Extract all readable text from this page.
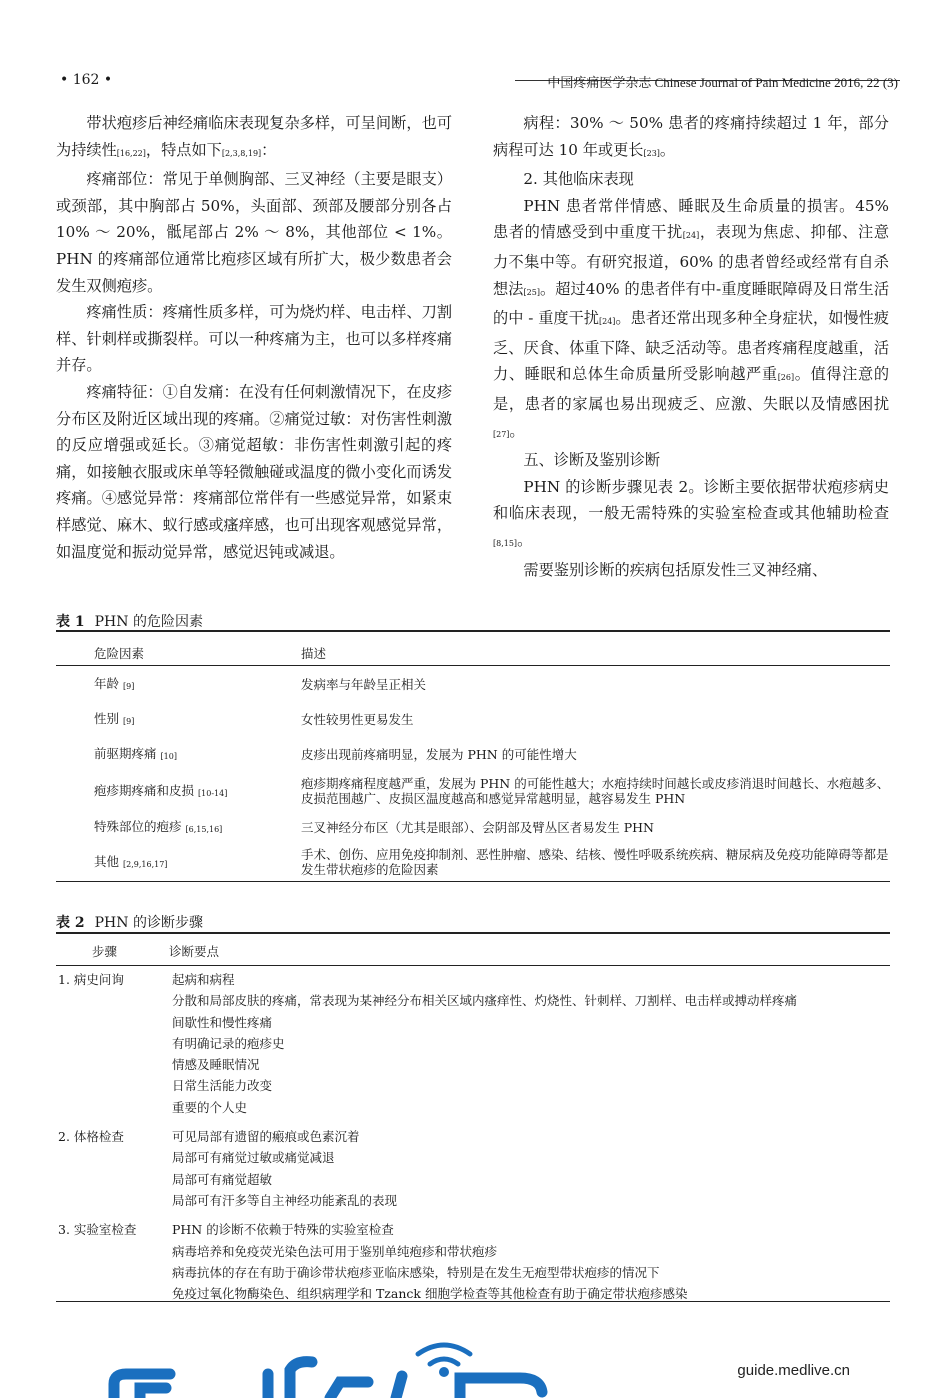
• 162 •	中国疼痛医学杂志 Chinese Journal of Pain Medicine 2016, 22 (3)

带状疱疹后神经痛临床表现复杂多样，可呈间断，也可为持续性[16,22]，特点如下[2,3,8,19]：

疼痛部位：常见于单侧胸部、三叉神经（主要是眼支）或颈部，其中胸部占 50%，头面部、颈部及腰部分别各占 10% ～ 20%，骶尾部占 2% ～ 8%，其他部位 < 1%。PHN 的疼痛部位通常比疱疹区域有所扩大，极少数患者会发生双侧疱疹。

疼痛性质：疼痛性质多样，可为烧灼样、电击样、刀割样、针刺样或撕裂样。可以一种疼痛为主，也可以多样疼痛并存。

疼痛特征：①自发痛：在没有任何刺激情况下，在皮疹分布区及附近区域出现的疼痛。②痛觉过敏：对伤害性刺激的反应增强或延长。③痛觉超敏：非伤害性刺激引起的疼痛，如接触衣服或床单等轻微触碰或温度的微小变化而诱发疼痛。④感觉异常：疼痛部位常伴有一些感觉异常，如紧束样感觉、麻木、蚁行感或瘙痒感，也可出现客观感觉异常，如温度觉和振动觉异常，感觉迟钝或减退。

病程：30% ～ 50% 患者的疼痛持续超过 1 年，部分病程可达 10 年或更长[23]。

2. 其他临床表现

PHN 患者常伴情感、睡眠及生命质量的损害。45% 患者的情感受到中重度干扰[24]，表现为焦虑、抑郁、注意力不集中等。有研究报道，60% 的患者曾经或经常有自杀想法[25]。超过40% 的患者伴有中-重度睡眠障碍及日常生活的中 - 重度干扰[24]。患者还常出现多种全身症状，如慢性疲乏、厌食、体重下降、缺乏活动等。患者疼痛程度越重，活力、睡眠和总体生命质量所受影响越严重[26]。值得注意的是，患者的家属也易出现疲乏、应激、失眠以及情感困扰[27]。

五、诊断及鉴别诊断

PHN 的诊断步骤见表 2。诊断主要依据带状疱疹病史和临床表现，一般无需特殊的实验室检查或其他辅助检查[8,15]。

需要鉴别诊断的疾病包括原发性三叉神经痛、

表 1 PHN 的危险因素
危险因素	描述
年龄 [9]	发病率与年龄呈正相关
性别 [9]	女性较男性更易发生
前驱期疼痛 [10]	皮疹出现前疼痛明显，发展为 PHN 的可能性增大
疱疹期疼痛和皮损 [10-14]	疱疹期疼痛程度越严重，发展为 PHN 的可能性越大；水疱持续时间越长或皮疹消退时间越长、水疱越多、皮损范围越广、皮损区温度越高和感觉异常越明显，越容易发生 PHN
特殊部位的疱疹 [6,15,16]	三叉神经分布区（尤其是眼部）、会阴部及臂丛区者易发生 PHN
其他 [2,9,16,17]	手术、创伤、应用免疫抑制剂、恶性肿瘤、感染、结核、慢性呼吸系统疾病、糖尿病及免疫功能障碍等都是发生带状疱疹的危险因素
表 2 PHN 的诊断步骤
步骤	诊断要点
1. 病史问询	起病和病程
分散和局部皮肤的疼痛，常表现为某神经分布相关区域内瘙痒性、灼烧性、针刺样、刀割样、电击样或搏动样疼痛
间歇性和慢性疼痛
有明确记录的疱疹史
情感及睡眠情况
日常生活能力改变
重要的个人史
2. 体格检查	可见局部有遗留的瘢痕或色素沉着
局部可有痛觉过敏或痛觉减退
局部可有痛觉超敏
局部可有汗多等自主神经功能紊乱的表现
3. 实验室检查	PHN 的诊断不依赖于特殊的实验室检查
病毒培养和免疫荧光染色法可用于鉴别单纯疱疹和带状疱疹
病毒抗体的存在有助于确诊带状疱疹亚临床感染，特别是在发生无疱型带状疱疹的情况下
免疫过氧化物酶染色、组织病理学和 Tzanck 细胞学检查等其他检查有助于确定带状疱疹感染
guide.medlive.cn
